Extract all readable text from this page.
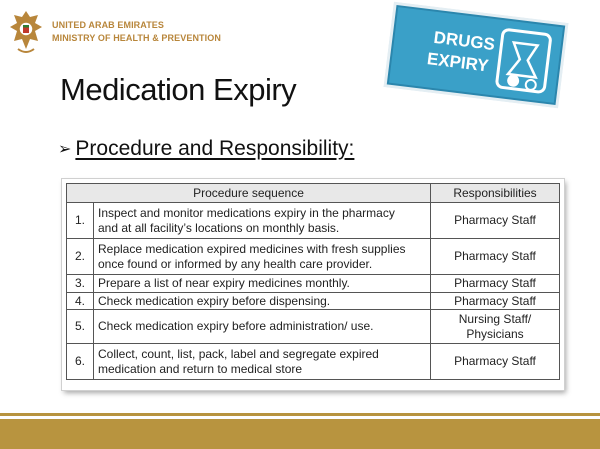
UNITED ARAB EMIRATES
MINISTRY OF HEALTH & PREVENTION	DRUGS
EXPIRY
Medication Expiry
➢ Procedure and Responsibility:
Procedure sequence		Responsibilities
1.	Inspect and monitor medications expiry in the pharmacy
and at all facility’s locations on monthly basis.	Pharmacy Staff

2.	Replace medication expired medicines with fresh supplies
once found or informed by any health care provider.	Pharmacy Staff

3.	Prepare a list of near expiry medicines monthly.	Pharmacy Staff

4.	Check medication expiry before dispensing.	Pharmacy Staff

5.	Check medication expiry before administration/ use.	Nursing Staff/
Physicians

6.	Collect, count, list, pack, label and segregate expired
medication and return to medical store	Pharmacy Staff
